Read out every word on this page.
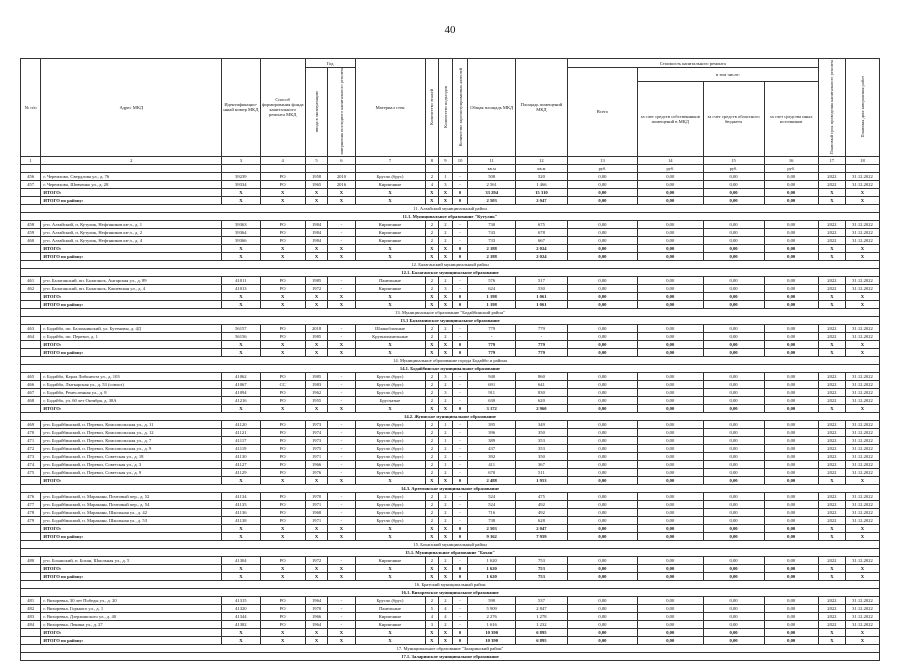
40
№ п/п	Адрес МКД	Идентификацио-нный номер МКД	Способ формирования фонда капитального ремонта МКД	Год		Материал стен	Количество этажей	Количество подъездов	Количество зарегистрированных жителей	Общая площадь МКД	Площадь помещений МКД	Стоимость капитального ремонта				Плановый срок проведения капитального ремонта	Плановая дата завершения работ
				ввода в эксплуатацию	завершения последнего капитального ремонта							Всего	в том числе:				
													за счет средств собственников помещений в МКД	за счет средств областного бюджета	за счет средства иных источников		
1	2	3	4	5	6	7	8	9	10	11	12	13	14	15	16	17	18
										кв.м	кв.м	руб.	руб.	руб.	руб.		
456	г. Черемхово, Свердлова ул., д. 76	39239	РО	1958	2010	Брусчо (брус)	2	1	-	508	520	0,00	0,00	0,00	0,00	2022	31.12.2022
457	г. Черемхово, Шевченко ул., д. 28	39334	РО	1965	2016	Кирпичные	4	3	-	2 561	1 466	0,00	0,00	0,00	0,00	2022	31.12.2022
	ИТОГО:	X	X	X	X	X	X	X	0	33 294	15 310	0,00	0,00	0,00	0,00	X	X
	ИТОГО по району:	X	X	X	X	X	X	X	0	2 503	2 047	0,00	0,00	0,00	0,00	X	X
11. Алзайский муниципальный район																	
11.1. Муниципальное образование "Кутулик"																	
458	р-п. Алзайский, п. Кутулик, Нефтяников кв-л., д. 1	39363	РО	1984	-	Кирпичные	2	2	-	730	675	0,00	0,00	0,00	0,00	2022	31.12.2022
459	р-п. Алзайский, п. Кутулик, Нефтяников кв-л., д. 2	39364	РО	1984	-	Кирпичные	2	2	-	743	678	0,00	0,00	0,00	0,00	2022	31.12.2022
460	р-п. Алзайский, п. Кутулик, Нефтяников кв-л., д. 4	39366	РО	1984	-	Кирпичные	2	2	-	733	667	0,00	0,00	0,00	0,00	2022	31.12.2022
	ИТОГО:	X	X	X	X	X	X	X	0	2 188	2 024	0,00	0,00	0,00	0,00	X	X
	ИТОГО по району:	X	X	X	X	X	X	X	0	2 188	2 024	0,00	0,00	0,00	0,00	X	X
12. Балаганский муниципальный район																	
12.1. Балаганское муниципальное образование																	
461	р-п. Балаганский, пп. Балаганск, Ангарская ул., д. 89	41011	РО	1985	-	Панельные	2	2	-	576	517	0,00	0,00	0,00	0,00	2022	31.12.2022
462	р-п. Балаганский, пп. Балаганск, Кашевская ул., д. 4	41013	РО	1972	-	Кирпичные	2	3	-	624	530	0,00	0,00	0,00	0,00	2022	31.12.2022
	ИТОГО:	X	X	X	X	X	X	X	0	1 198	1 061	0,00	0,00	0,00	0,00	X	X
	ИТОГО по району:	X	X	X	X	X	X	X	0	1 198	1 061	0,00	0,00	0,00	0,00	X	X
13. Муниципальное образование "Бодайбинский район"																	
13.1 Балахнинское муниципальное образование																	
463	г. Бодайбо, пп. Балахнинский, ул. Бутеновы, д. 4Д	56157	РО	2018	-	Шлакоблочные	2	2	-	779	779	0,00	0,00	0,00	0,00	2022	31.12.2022
464	г. Бодайбо, пп. Перевоз, д. 1	56156	РО	1985	-	Крупнопанельные	2	2	-	-	-	0,00	0,00	0,00	0,00	2022	31.12.2022
	ИТОГО:	X	X	X	X	X	X	X	0	779	779	0,00	0,00	0,00	0,00	X	X
	ИТОГО по району:	X	X	X	X	X	X	X	0	779	779	0,00	0,00	0,00	0,00	X	X
14. Муниципальное образование города Бодайбо и района																	
14.1. Бодайбинское муниципальное образование																	
465	г. Бодайбо, Карла Либкнехта ул., д. 103	41062	РО	1985	-	Брусчо (брус)	2	3	-	940	860	0,00	0,00	0,00	0,00	2022	31.12.2022
466	г. Бодайбо, Лыткарская ул., д. 53 (совхоз)	41067	СС	1983	-	Брусчо (брус)	2	2	-	691	641	0,00	0,00	0,00	0,00	2022	31.12.2022
467	г. Бодайбо, Ремесленная ул., д. 8	41094	РО	1962	-	Брусчо (брус)	2	3	-	911	830	0,00	0,00	0,00	0,00	2022	31.12.2022
468	г. Бодайбо, ул. 60 лет Октября, д. 38А	41216	РО	1955	-	Брусчатые	2	2	-	630	620	0,00	0,00	0,00	0,00	2022	31.12.2022
	ИТОГО:	X	X	X	X	X	X	X	0	3 172	2 960	0,00	0,00	0,00	0,00	X	X
14.2. Жуинское муниципальное образование																	
469	р-п. Бодайбинский, п. Перевоз, Комсомольская ул., д. 11	41120	РО	1973	-	Брусчо (брус)	2	1	-	395	349	0,00	0,00	0,00	0,00	2022	31.12.2022
470	р-п. Бодайбинский, п. Перевоз, Комсомольская ул., д. 12	41121	РО	1974	-	Брусчо (брус)	2	2	-	396	350	0,00	0,00	0,00	0,00	2022	31.12.2022
471	р-п. Бодайбинский, п. Перевоз, Комсомольская ул., д. 7	41117	РО	1973	-	Брусчо (брус)	2	1	-	389	353	0,00	0,00	0,00	0,00	2022	31.12.2022
472	р-п. Бодайбинский, п. Перевоз, Комсомольская ул., д. 9	41119	РО	1975	-	Брусчо (брус)	2	2	-	437	353	0,00	0,00	0,00	0,00	2022	31.12.2022
473	р-п. Бодайбинский, п. Перевоз, Советская ул., д. 18	41130	РО	1971	-	Брусчо (брус)	2	2	-	392	350	0,00	0,00	0,00	0,00	2022	31.12.2022
474	р-п. Бодайбинский, п. Перевоз, Советская ул., д. 3	41127	РО	1966	-	Брусчо (брус)	2	1	-	411	367	0,00	0,00	0,00	0,00	2022	31.12.2022
475	р-п. Бодайбинский, п. Перевоз, Советская ул., д. 9	41129	РО	1976	-	Брусчо (брус)	2	2	-	670	511	0,00	0,00	0,00	0,00	2022	31.12.2022
	ИТОГО:	X	X	X	X	X	X	X	0	2 488	1 953	0,00	0,00	0,00	0,00	X	X
14.3. Артемовское муниципальное образование																	
476	р-п. Бодайбинский, п. Мараканн, Почтовый пер., д. 52	41134	РО	1970	-	Брусчо (брус)	2	2	-	524	475	0,00	0,00	0,00	0,00	2022	31.12.2022
477	р-п. Бодайбинский, п. Мараканн, Почтовый пер., д. 54	41135	РО	1971	-	Брусчо (брус)	2	2	-	524	492	0,00	0,00	0,00	0,00	2022	31.12.2022
478	р-п. Бодайбинский, п. Мараканн, Школьная ул., д. 42	41136	РО	1968	-	Брусчо (брус)	2	2	-	716	492	0,00	0,00	0,00	0,00	2022	31.12.2022
479	р-п. Бодайбинский, п. Мараканн, Школьная ул., д. 53	41138	РО	1971	-	Брусчо (брус)	2	2	-	738	628	0,00	0,00	0,00	0,00	2022	31.12.2022
	ИТОГО:	X	X	X	X	X	X	X	0	2 503	2 047	0,00	0,00	0,00	0,00	X	X
	ИТОГО по району:	X	X	X	X	X	X	X	0	9 162	7 959	0,00	0,00	0,00	0,00	X	X
15. Бохапский муниципальный район																	
15.1. Муниципальное образование "Бохан"																	
480	р-п. Боханский, п. Бохан, Школьная ул., д. 5	41304	РО	1972	-	Кирпичные	2	2	-	1 620	753	0,00	0,00	0,00	0,00	2022	31.12.2022
	ИТОГО:	X	X	X	X	X	X	X	0	1 620	753	0,00	0,00	0,00	0,00	X	X
	ИТОГО по району:	X	X	X	X	X	X	X	0	1 620	753	0,00	0,00	0,00	0,00	X	X
16. Братский муниципальный район																	
16.1. Вихоревское муниципальное образование																	
481	г. Вихоревка, 30 лет Победы ул., д. 20	41315	РО	1964	-	Брусчо (брус)	2	2	-	590	537	0,00	0,00	0,00	0,00	2022	31.12.2022
482	г. Вихоревка, Горького ул., д. 1	41320	РО	1970	-	Панельные	5	4	-	5 909	2 847	0,00	0,00	0,00	0,00	2022	31.12.2022
483	г. Вихоревка, Дзержинского ул., д. 40	41344	РО	1966	-	Кирпичные	4	4	-	2 276	1 278	0,00	0,00	0,00	0,00	2022	31.12.2022
484	г. Вихоревка, Ленина ул., д. 27	41382	РО	1964	-	Кирпичные	3	2	-	1 616	1 232	0,00	0,00	0,00	0,00	2022	31.12.2022
	ИТОГО:	X	X	X	X	X	X	X	0	10 390	6 895	0,00	0,00	0,00	0,00	X	X
	ИТОГО по району:	X	X	X	X	X	X	X	0	10 390	6 895	0,00	0,00	0,00	0,00	X	X
17. Муниципальное образование "Заларинский район"																	
17.1. Заларинское муниципальное образование																	
